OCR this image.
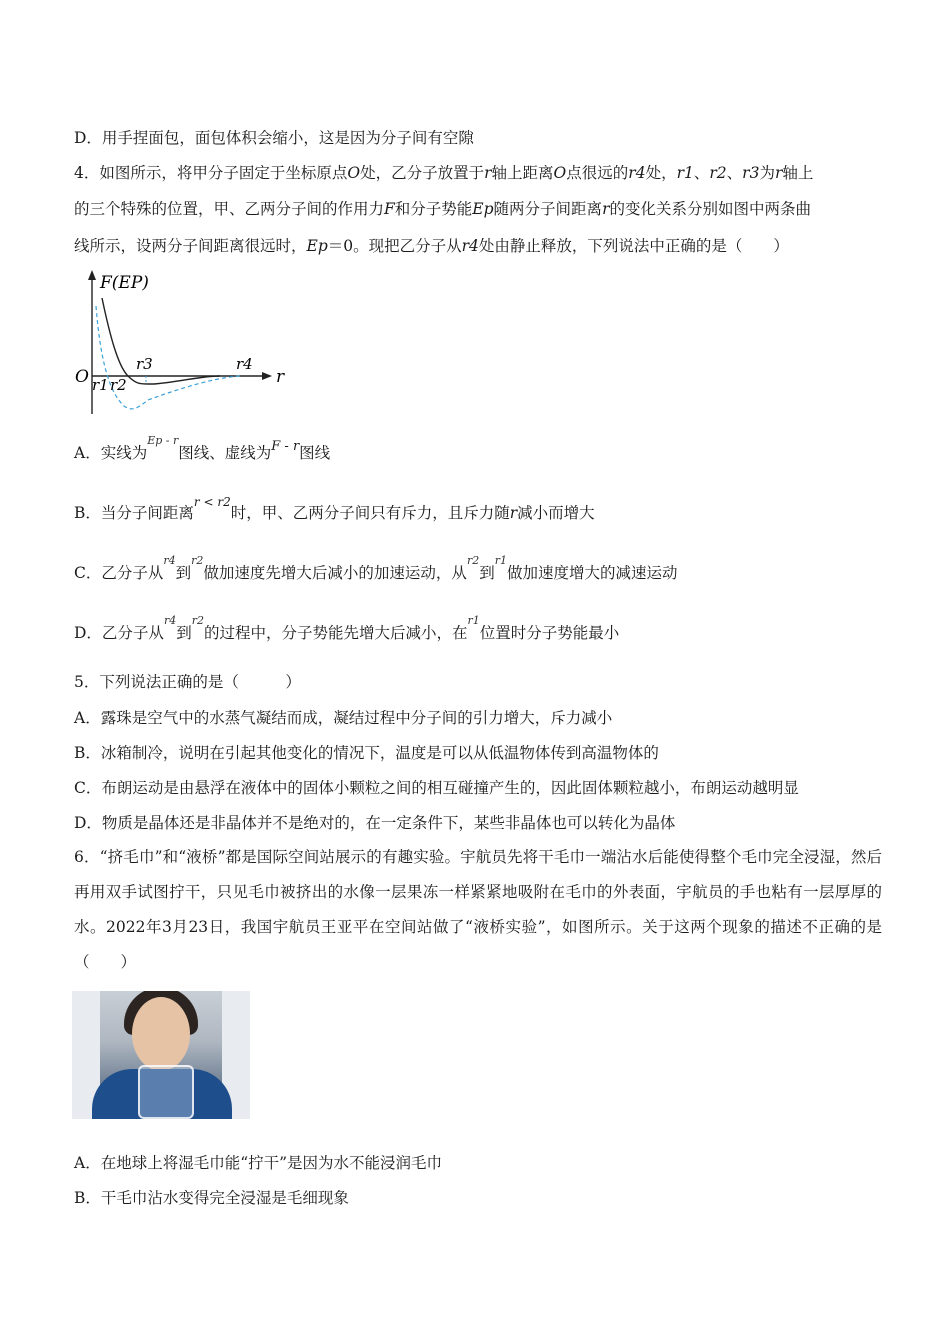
D．用手捏面包，面包体积会缩小，这是因为分子间有空隙
4．如图所示，将甲分子固定于坐标原点O处，乙分子放置于r轴上距离O点很远的r4处，r1、r2、r3为r轴上
的三个特殊的位置，甲、乙两分子间的作用力F和分子势能Ep随两分子间距离r的变化关系分别如图中两条曲
线所示，设两分子间距离很远时，Ep＝0。现把乙分子从r4处由静止释放，下列说法中正确的是（　　）
F(EP)
O	r
r1 r2
r3	r4
A．实线为$^{Ep - r}$图线、虚线为$^{F - r}$图线
B．当分子间距离$^{r < r2}$时，甲、乙两分子间只有斥力，且斥力随r减小而增大
C．乙分子从$^{r4}$到$^{r2}$做加速度先增大后减小的加速运动，从$^{r2}$到$^{r1}$做加速度增大的减速运动
D．乙分子从$^{r4}$到$^{r2}$的过程中，分子势能先增大后减小，在$^{r1}$位置时分子势能最小
5．下列说法正确的是（　　　）
A．露珠是空气中的水蒸气凝结而成，凝结过程中分子间的引力增大，斥力减小
B．冰箱制冷，说明在引起其他变化的情况下，温度是可以从低温物体传到高温物体的
C．布朗运动是由悬浮在液体中的固体小颗粒之间的相互碰撞产生的，因此固体颗粒越小，布朗运动越明显
D．物质是晶体还是非晶体并不是绝对的，在一定条件下，某些非晶体也可以转化为晶体
6．“挤毛巾”和“液桥”都是国际空间站展示的有趣实验。宇航员先将干毛巾一端沾水后能使得整个毛巾完全浸湿，然后再用双手试图拧干，只见毛巾被挤出的水像一层果冻一样紧紧地吸附在毛巾的外表面，宇航员的手也粘有一层厚厚的水。2022年3月23日，我国宇航员王亚平在空间站做了“液桥实验”，如图所示。关于这两个现象的描述不正确的是（　　）
A．在地球上将湿毛巾能“拧干”是因为水不能浸润毛巾
B．干毛巾沾水变得完全浸湿是毛细现象
